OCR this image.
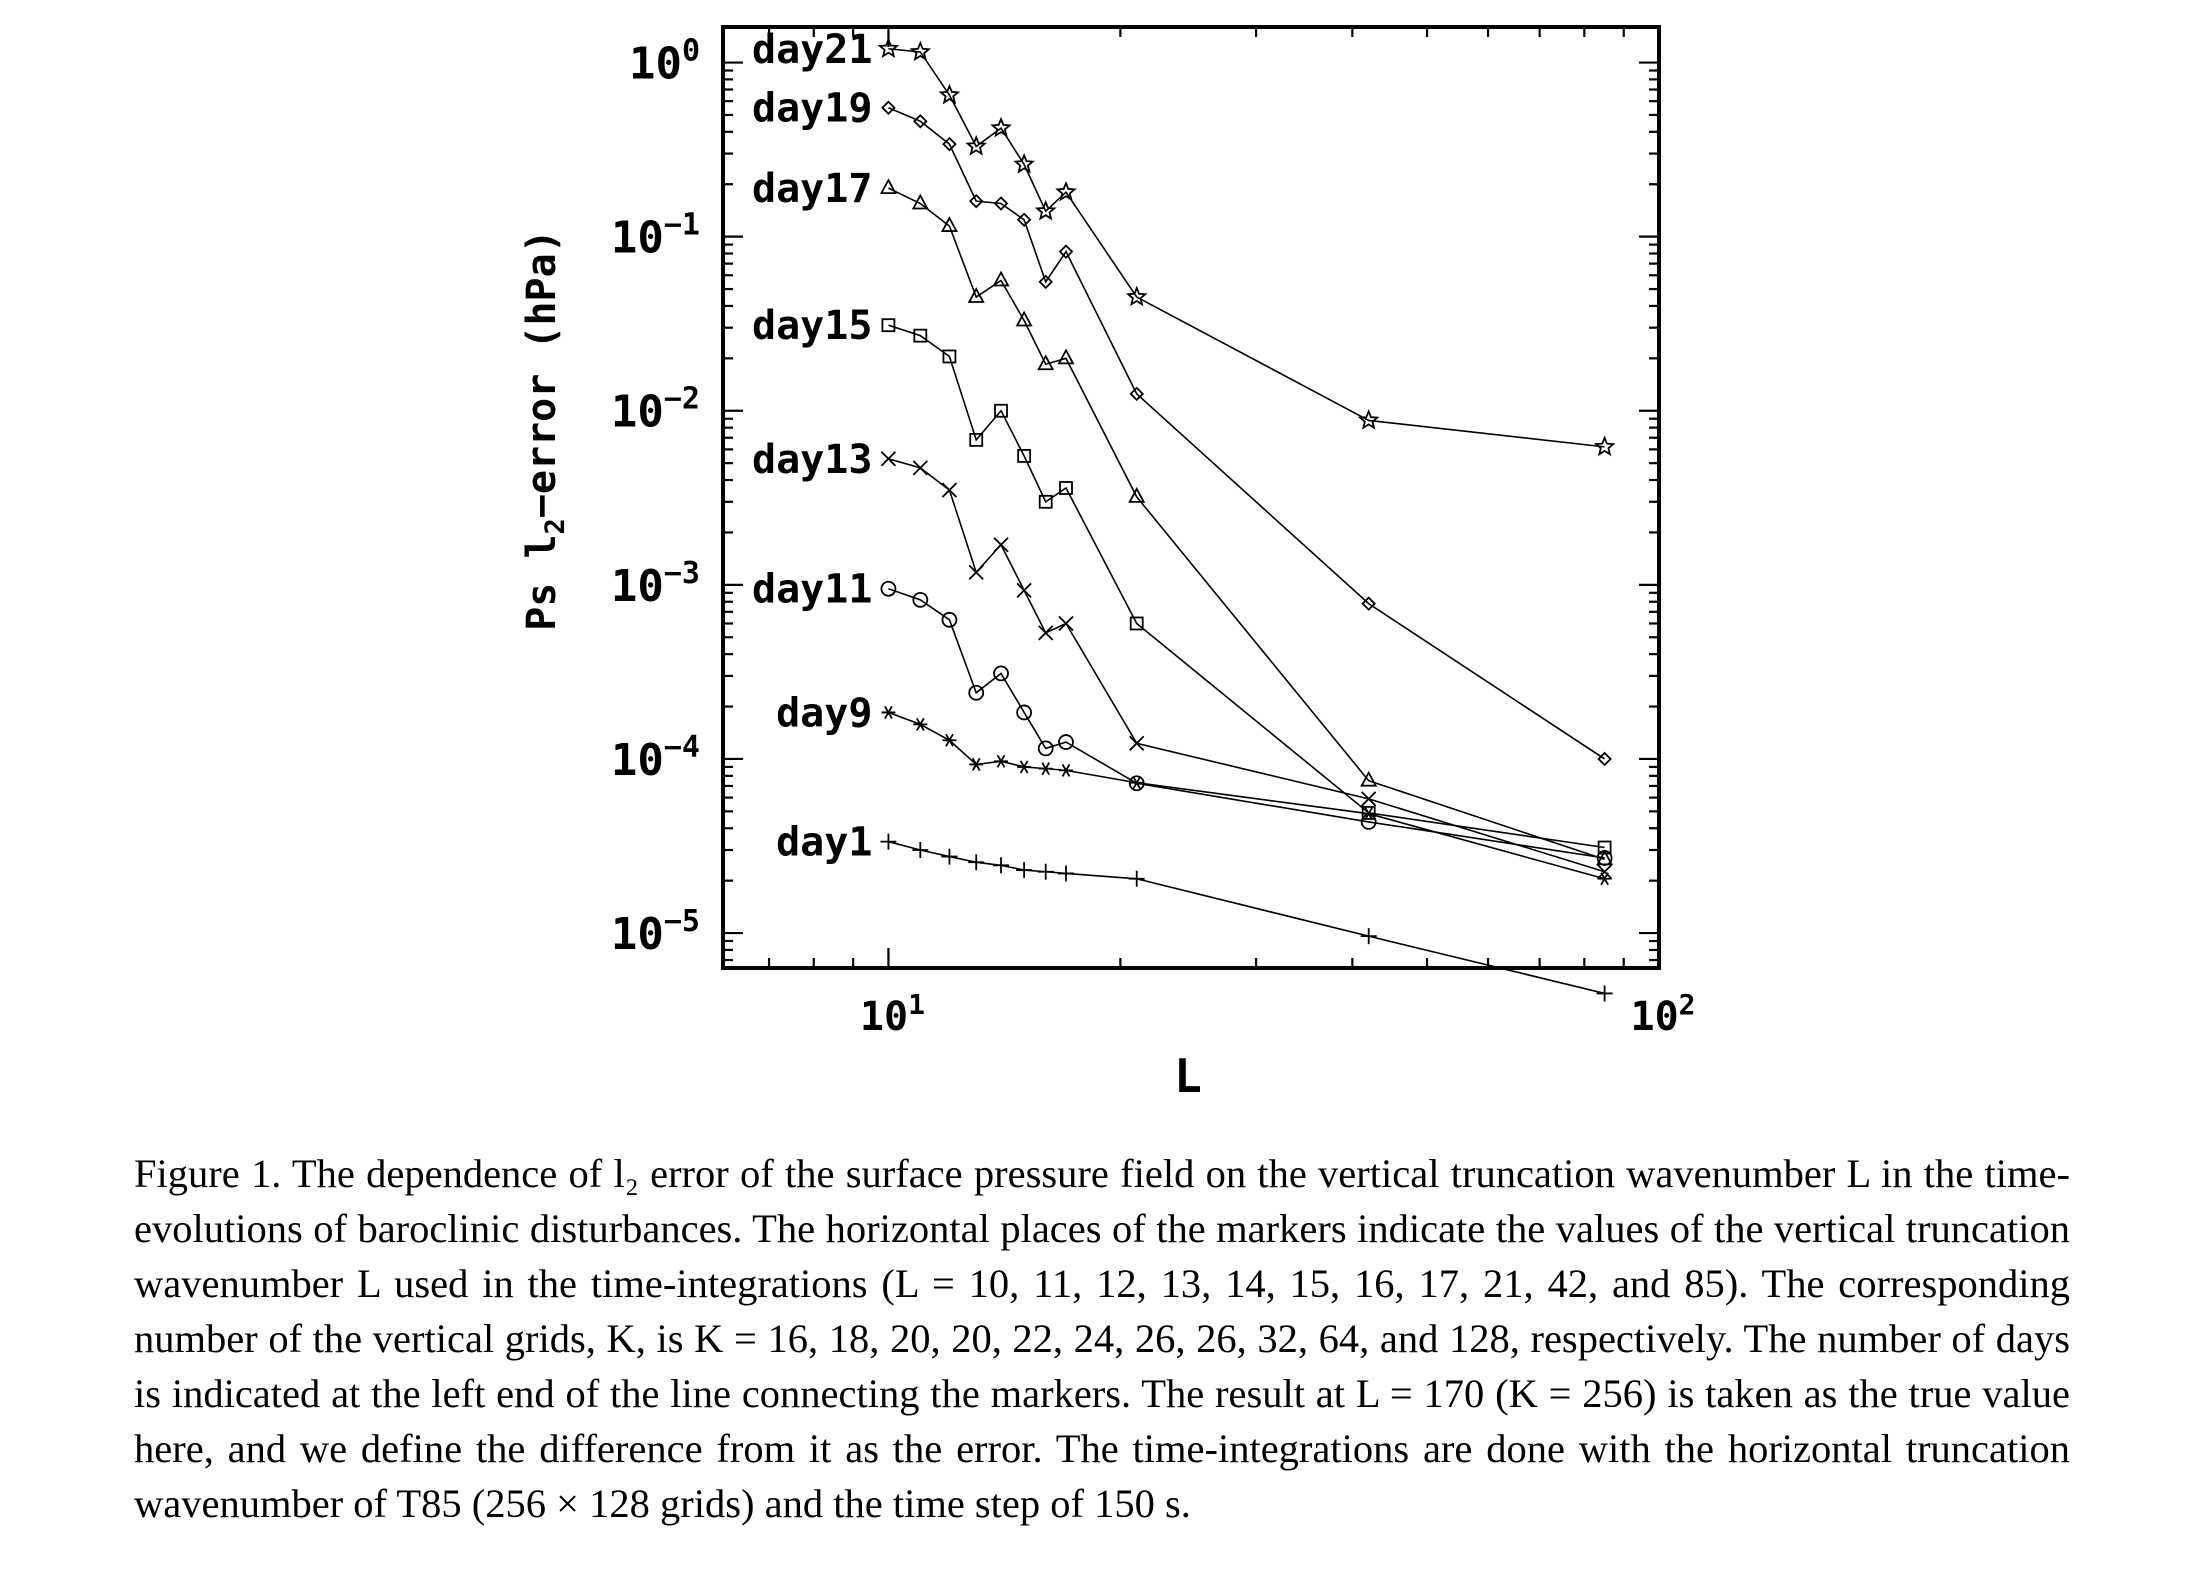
day21
day19
day17
day15
day13
day11
day9
day1
$10^0$
$10^{-1}$
$10^{-2}$
$10^{-3}$
$10^{-4}$
$10^{-5}$
$10^1$	$10^2$
L
Ps $l_2-error$ (hPa)
Figure 1. The dependence of l₂ error of the surface pressure field on the vertical truncation wavenumber L in the time-evolutions of baroclinic disturbances. The horizontal places of the markers indicate the values of the vertical truncation wavenumber L used in the time-integrations (L = 10, 11, 12, 13, 14, 15, 16, 17, 21, 42, and 85). The corresponding number of the vertical grids, K, is K = 16, 18, 20, 20, 22, 24, 26, 26, 32, 64, and 128, respectively. The number of days is indicated at the left end of the line connecting the markers. The result at L = 170 (K = 256) is taken as the true value here, and we define the difference from it as the error. The time-integrations are done with the horizontal truncation wavenumber of T85 (256 × 128 grids) and the time step of 150 s.
